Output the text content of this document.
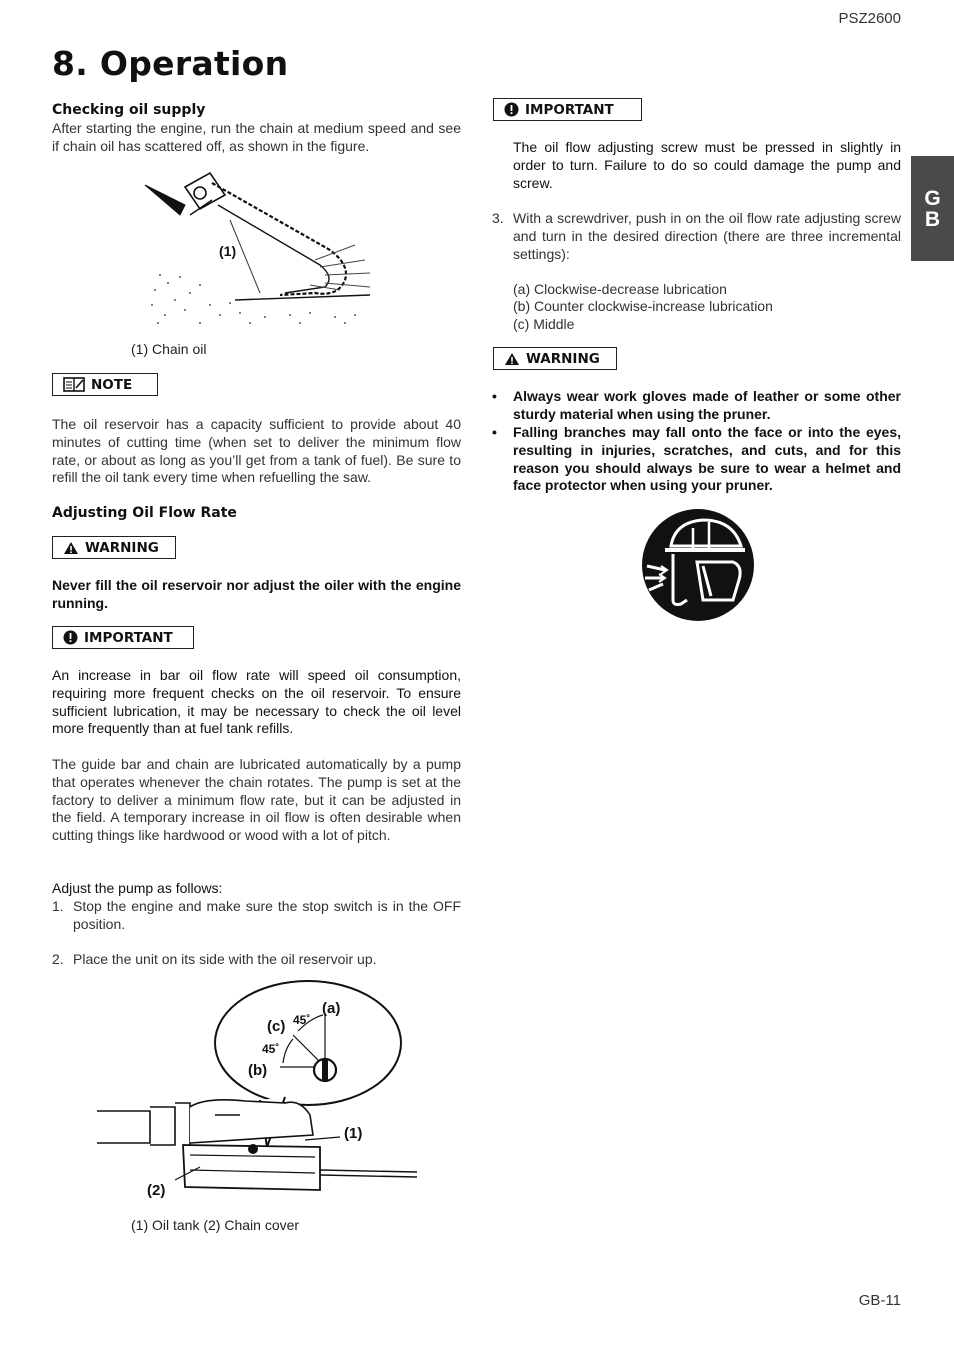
PSZ2600
8. Operation
G
B
Checking oil supply
After starting the engine, run the chain at medium speed and see if chain oil has scattered off, as shown in the figure.
(1)
(1) Chain oil
NOTE
The oil reservoir has a capacity sufficient to provide about 40 minutes of cutting time (when set to deliver the minimum flow rate, or about as long as you’ll get from a tank of fuel). Be sure to refill the oil tank every time when refuelling the saw.
Adjusting Oil Flow Rate
WARNING
Never fill the oil reservoir nor adjust the oiler with the engine running.
IMPORTANT
An increase in bar oil flow rate will speed oil consumption, requiring more frequent checks on the oil reservoir. To ensure sufficient lubrication, it may be necessary to check the oil level more frequently than at fuel tank refills.
The guide bar and chain are lubricated automatically by a pump that operates whenever the chain rotates. The pump is set at the factory to deliver a minimum flow rate, but it can be adjusted in the field. A temporary increase in oil flow is often desirable when cutting things like hardwood or wood with a lot of pitch.
Adjust the pump as follows:
1. Stop the engine and make sure the stop switch is in the OFF position.
2. Place the unit on its side with the oil reservoir up.
(a)
45˚
(c)
45˚
(b)
(1)
(2)
(1) Oil tank (2) Chain cover
IMPORTANT
The oil flow adjusting screw must be pressed in slightly in order to turn. Failure to do so could damage the pump and screw.
3. With a screwdriver, push in on the oil flow rate adjusting screw and turn in the desired direction (there are three incremental settings):
(a) Clockwise-decrease lubrication
(b) Counter clockwise-increase lubrication
(c) Middle
WARNING
• Always wear work gloves made of leather or some other sturdy material when using the pruner.
• Falling branches may fall onto the face or into the eyes, resulting in injuries, scratches, and cuts, and for this reason you should always be sure to wear a helmet and face protector when using your pruner.
GB-11
